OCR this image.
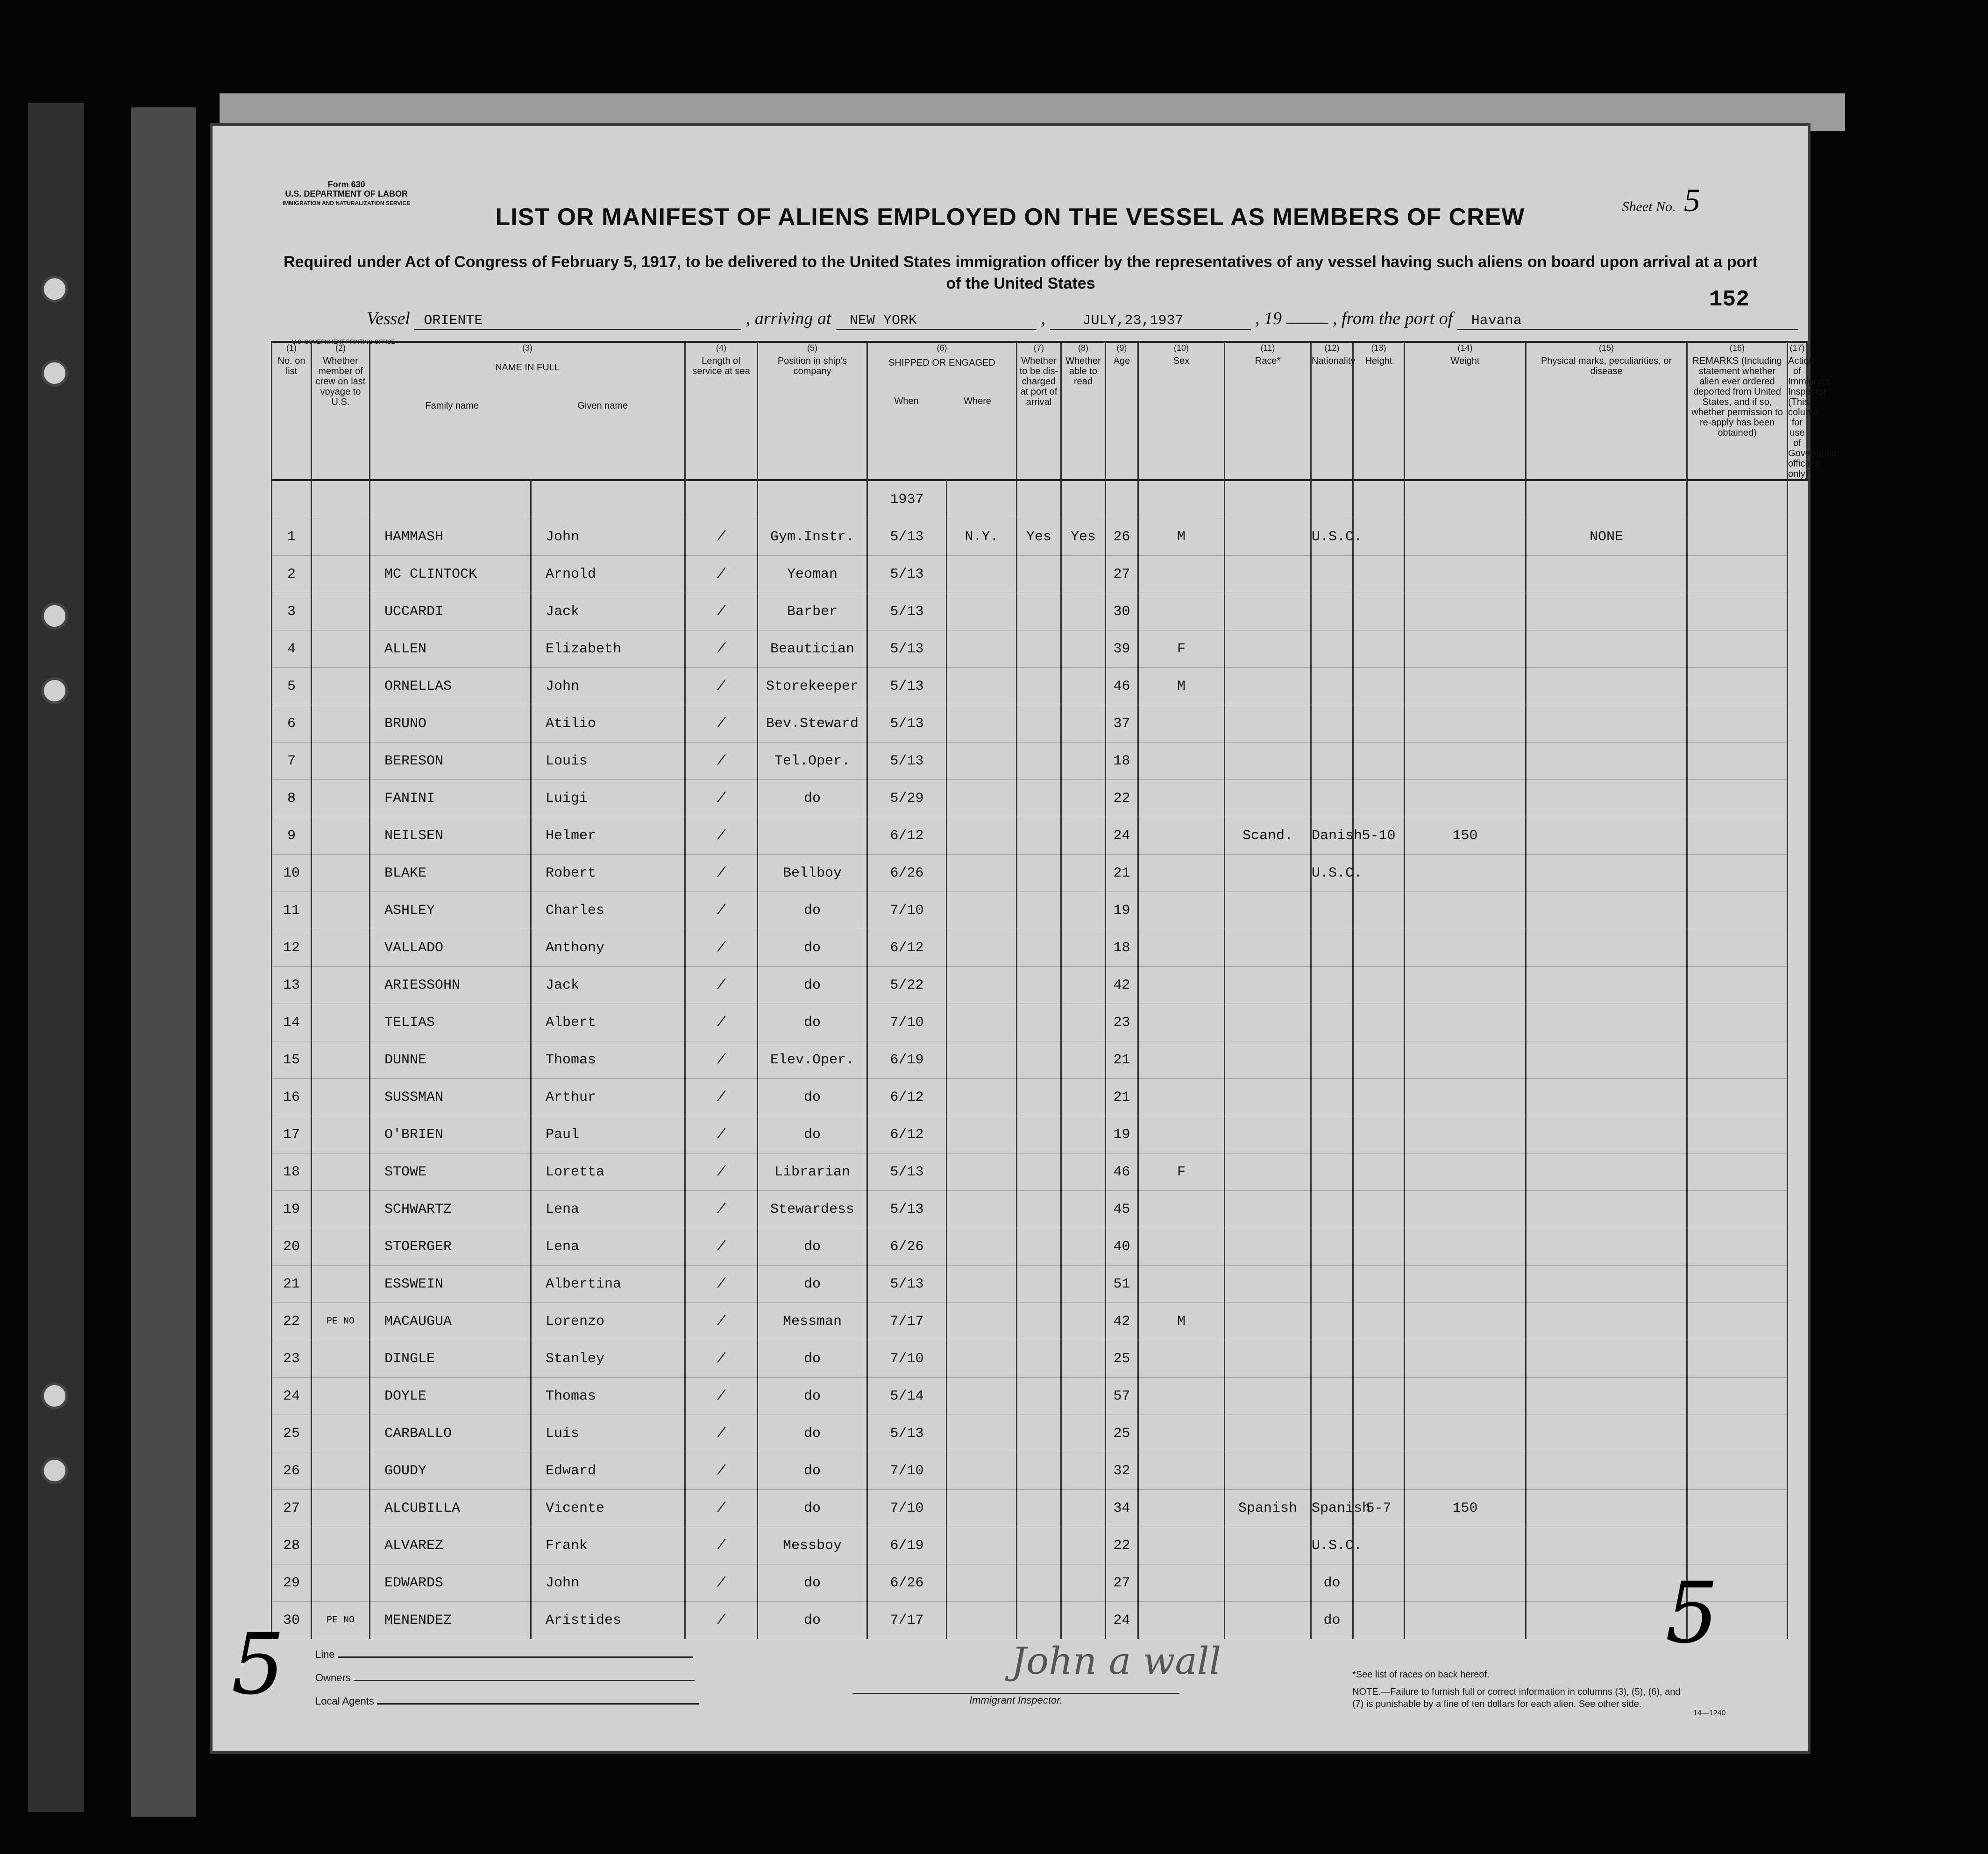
Form 630
U.S. DEPARTMENT OF LABOR
IMMIGRATION AND NATURALIZATION SERVICE	Sheet No. 5
LIST OR MANIFEST OF ALIENS EMPLOYED ON THE VESSEL AS MEMBERS OF CREW
Required under Act of Congress of February 5, 1917, to be delivered to the United States immigration officer by the representatives of any vessel having such aliens on board upon arrival at a port of the United States
152
Vessel ORIENTE	, arriving at NEW YORK	,	JULY,23,1937	, 19	, from the port of Havana
U.S. GOVERNMENT PRINTING OFFICE
(1)
No. on list	(2)
Whether member of crew on last voyage to U.S.	(3)
NAME IN FULL
Family name Given name		(4)
Length of service at sea	(5)
Position in ship's company	(6)
SHIPPED OR ENGAGED
When Where		(7)
Whether to be dis-charged at port of arrival	(8)
Whether able to read	(9)
Age	(10)
Sex	(11)
Race*	(12)
Nationality	(13)
Height	(14)
Weight	(15)
Physical marks, peculiarities, or disease	(16)
REMARKS (Including statement whether alien ever ordered deported from United States, and if so, whether permission to re-apply has been obtained)	(17)
Action of Immigrant Inspector (This column for use of Government officials only)
						1937												
1		HAMMASH	John	/	Gym.Instr.	5/13	N.Y.	Yes	Yes	26	M		U.S.C.			NONE		
2		MC CLINTOCK	Arnold	/	Yeoman	5/13				27								
3		UCCARDI	Jack	/	Barber	5/13				30								
4		ALLEN	Elizabeth	/	Beautician	5/13				39	F							
5		ORNELLAS	John	/	Storekeeper	5/13				46	M							
6		BRUNO	Atilio	/	Bev.Steward	5/13				37								
7		BERESON	Louis	/	Tel.Oper.	5/13				18								
8		FANINI	Luigi	/	do	5/29				22								
9		NEILSEN	Helmer	/		6/12				24		Scand.	Danish	5-10	150			
10		BLAKE	Robert	/	Bellboy	6/26				21			U.S.C.					
11		ASHLEY	Charles	/	do	7/10				19								
12		VALLADO	Anthony	/	do	6/12				18								
13		ARIESSOHN	Jack	/	do	5/22				42								
14		TELIAS	Albert	/	do	7/10				23								
15		DUNNE	Thomas	/	Elev.Oper.	6/19				21								
16		SUSSMAN	Arthur	/	do	6/12				21								
17		O'BRIEN	Paul	/	do	6/12				19								
18		STOWE	Loretta	/	Librarian	5/13				46	F							
19		SCHWARTZ	Lena	/	Stewardess	5/13				45								
20		STOERGER	Lena	/	do	6/26				40								
21		ESSWEIN	Albertina	/	do	5/13				51								
22	PE NO	MACAUGUA	Lorenzo	/	Messman	7/17				42	M							
23		DINGLE	Stanley	/	do	7/10				25								
24		DOYLE	Thomas	/	do	5/14				57								
25		CARBALLO	Luis	/	do	5/13				25								
26		GOUDY	Edward	/	do	7/10				32								
27		ALCUBILLA	Vicente	/	do	7/10				34		Spanish	Spanish	5-7	150			
28		ALVAREZ	Frank	/	Messboy	6/19				22			U.S.C.					
29		EDWARDS	John	/	do	6/26				27			do					
30	PE NO	MENENDEZ	Aristides	/	do	7/17				24			do					
5	Line
Owners
Local Agents
John a wall
Immigrant Inspector.
*See list of races on back hereof.
NOTE.—Failure to furnish full or correct information in columns (3), (5), (6), and (7) is punishable by a fine of ten dollars for each alien. See other side.
14—1240
5
